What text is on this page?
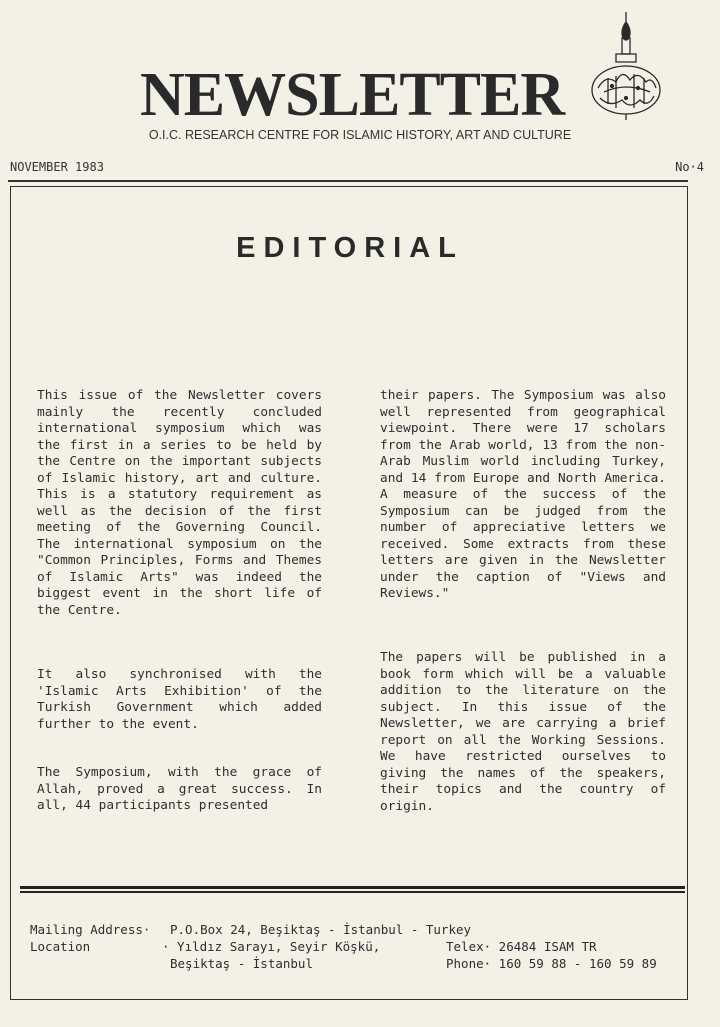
NEWSLETTER
O.I.C. RESEARCH CENTRE FOR ISLAMIC HISTORY, ART AND CULTURE
NOVEMBER 1983	No·4
EDITORIAL

This issue of the Newsletter covers mainly the recently concluded international symposium which was the first in a series to be held by the Centre on the important subjects of Islamic history, art and culture. This is a statutory requirement as well as the decision of the first meeting of the Governing Council. The international symposium on the "Common Principles, Forms and Themes of Islamic Arts" was indeed the biggest event in the short life of the Centre.

It also synchronised with the 'Islamic Arts Exhibition' of the Turkish Government which added further to the event.

The Symposium, with the grace of Allah, proved a great success. In all, 44 participants presented

their papers. The Symposium was also well represented from geographical viewpoint. There were 17 scholars from the Arab world, 13 from the non-Arab Muslim world including Turkey, and 14 from Europe and North America. A measure of the success of the Symposium can be judged from the number of appreciative letters we received. Some extracts from these letters are given in the Newsletter under the caption of "Views and Reviews."

The papers will be published in a book form which will be a valuable addition to the literature on the subject. In this issue of the Newsletter, we are carrying a brief report on all the Working Sessions. We have restricted ourselves to giving the names of the speakers, their topics and the country of origin.

Mailing Address· P.O.Box 24, Beşiktaş - İstanbul - Turkey
Location	· Yıldız Sarayı, Seyir Köşkü,
Beşiktaş - İstanbul
Telex· 26484 ISAM TR
Phone· 160 59 88 - 160 59 89
